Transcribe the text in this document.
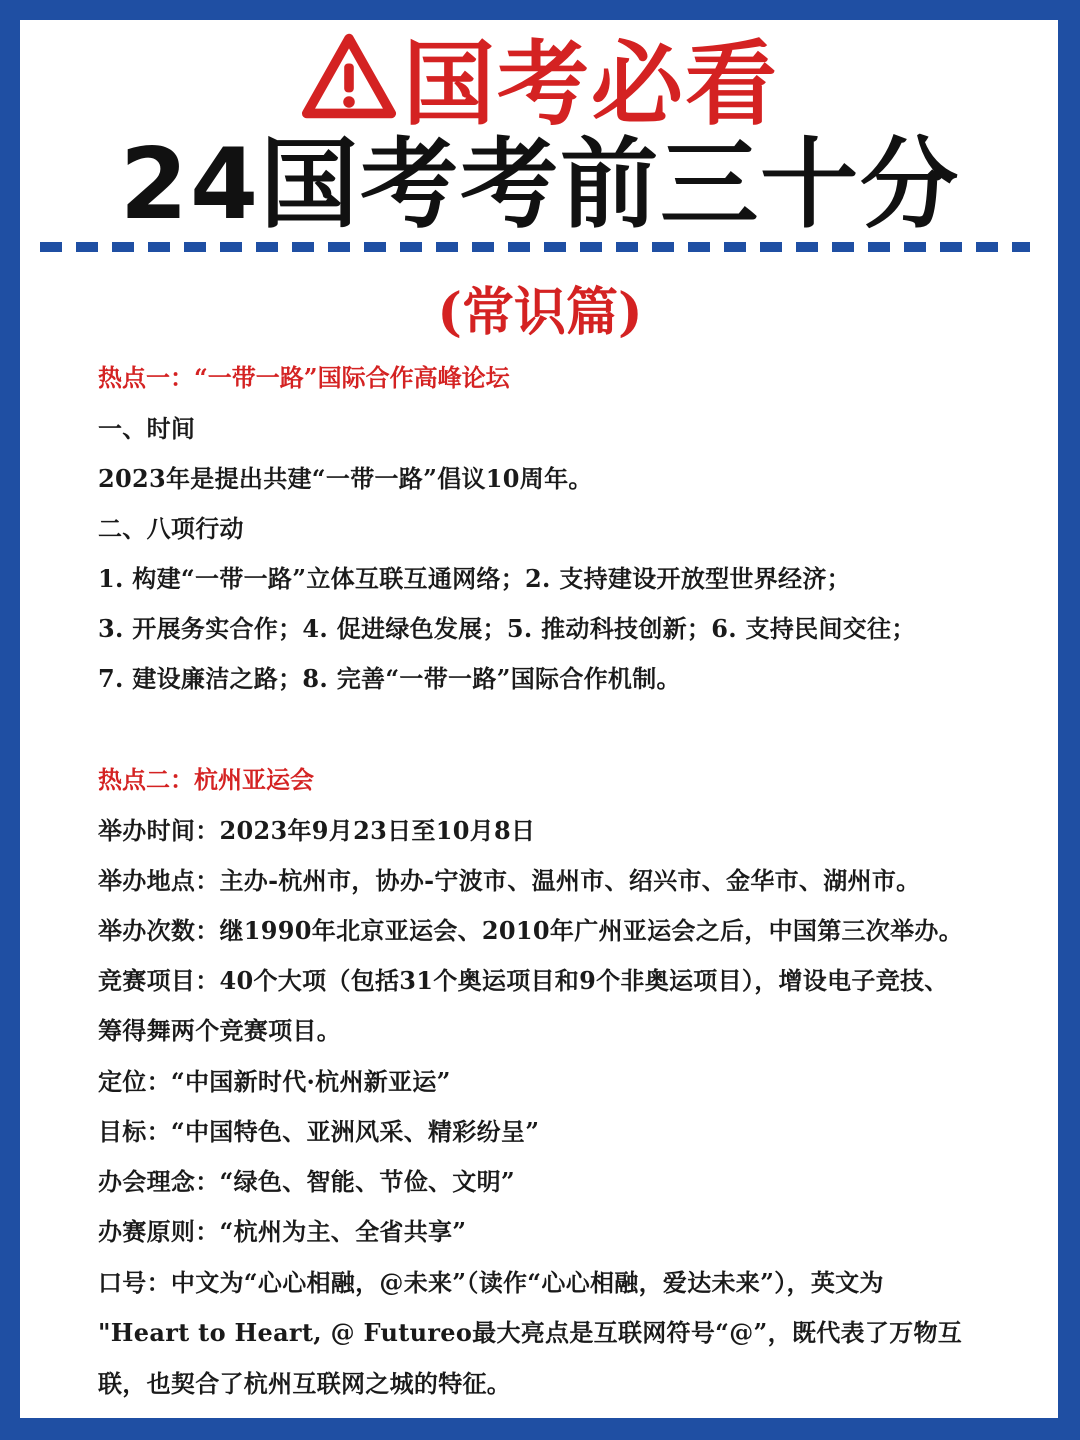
国考必看
24国考考前三十分
(常识篇)
热点一：“一带一路”国际合作高峰论坛
一、时间
2023年是提出共建“一带一路”倡议10周年。
二、八项行动
1. 构建“一带一路”立体互联互通网络；2. 支持建设开放型世界经济；
3. 开展务实合作；4. 促进绿色发展；5. 推动科技创新；6. 支持民间交往；
7. 建设廉洁之路；8. 完善“一带一路”国际合作机制。
热点二：杭州亚运会
举办时间：2023年9月23日至10月8日
举办地点：主办-杭州市，协办-宁波市、温州市、绍兴市、金华市、湖州市。
举办次数：继1990年北京亚运会、2010年广州亚运会之后，中国第三次举办。
竞赛项目：40个大项（包括31个奥运项目和9个非奥运项目），增设电子竞技、
筹得舞两个竞赛项目。
定位：“中国新时代·杭州新亚运”
目标：“中国特色、亚洲风采、精彩纷呈”
办会理念：“绿色、智能、节俭、文明”
办赛原则：“杭州为主、全省共享”
口号：中文为“心心相融，@未来”（读作“心心相融，爱达未来”），英文为
"Heart to Heart, @ Futureo最大亮点是互联网符号“@”，既代表了万物互
联，也契合了杭州互联网之城的特征。
